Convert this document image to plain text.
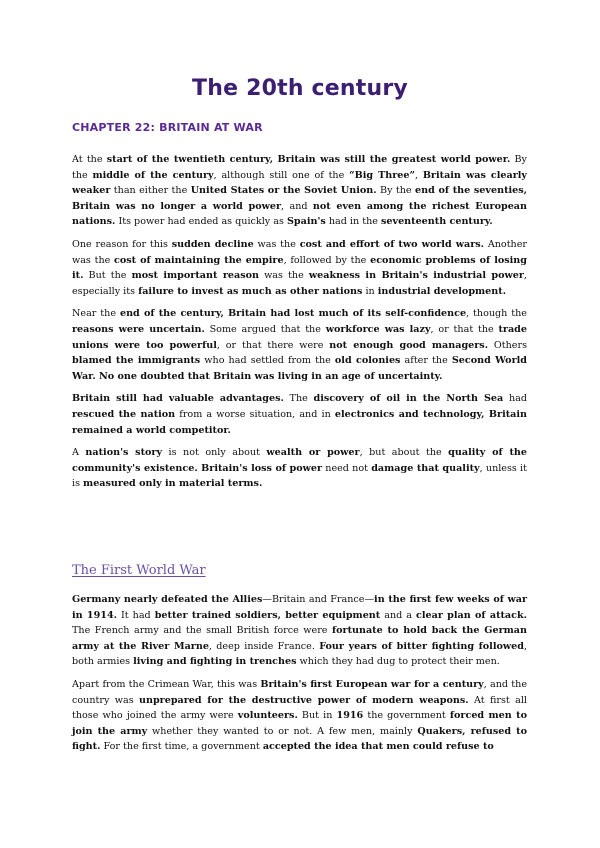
The 20th century
CHAPTER 22: BRITAIN AT WAR

At the start of the twentieth century, Britain was still the greatest world power. By the middle of the century, although still one of the “Big Three”, Britain was clearly weaker than either the United States or the Soviet Union. By the end of the seventies, Britain was no longer a world power, and not even among the richest European nations. Its power had ended as quickly as Spain's had in the seventeenth century.

One reason for this sudden decline was the cost and effort of two world wars. Another was the cost of maintaining the empire, followed by the economic problems of losing it. But the most important reason was the weakness in Britain's industrial power, especially its failure to invest as much as other nations in industrial development.

Near the end of the century, Britain had lost much of its self-confidence, though the reasons were uncertain. Some argued that the workforce was lazy, or that the trade unions were too powerful, or that there were not enough good managers. Others blamed the immigrants who had settled from the old colonies after the Second World War. No one doubted that Britain was living in an age of uncertainty.

Britain still had valuable advantages. The discovery of oil in the North Sea had rescued the nation from a worse situation, and in electronics and technology, Britain remained a world competitor.

A nation's story is not only about wealth or power, but about the quality of the community's existence. Britain's loss of power need not damage that quality, unless it is measured only in material terms.

The First World War

Germany nearly defeated the Allies—Britain and France—in the first few weeks of war in 1914. It had better trained soldiers, better equipment and a clear plan of attack. The French army and the small British force were fortunate to hold back the German army at the River Marne, deep inside France. Four years of bitter fighting followed, both armies living and fighting in trenches which they had dug to protect their men.

Apart from the Crimean War, this was Britain's first European war for a century, and the country was unprepared for the destructive power of modern weapons. At first all those who joined the army were volunteers. But in 1916 the government forced men to join the army whether they wanted to or not. A few men, mainly Quakers, refused to fight. For the first time, a government accepted the idea that men could refuse to
